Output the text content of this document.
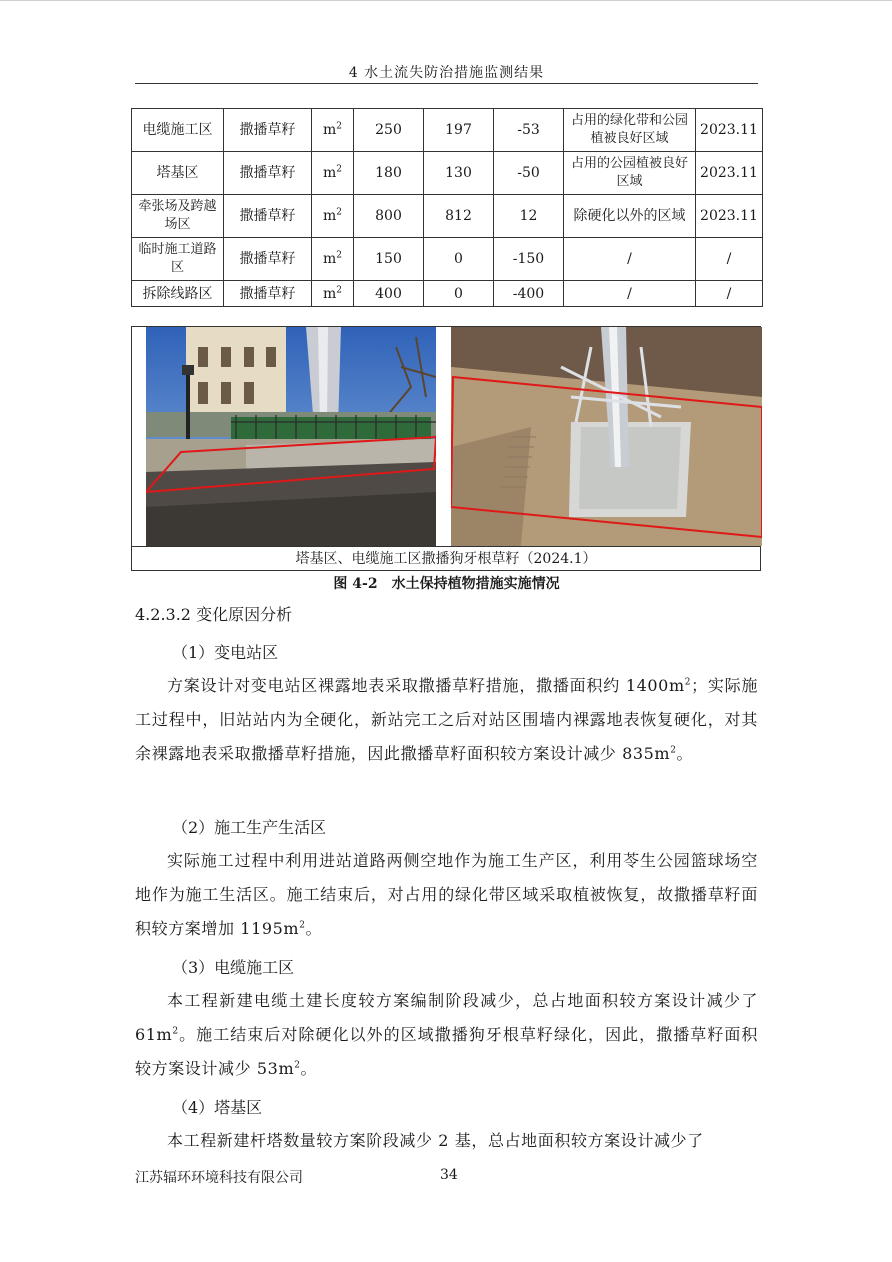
4 水土流失防治措施监测结果
电缆施工区	撒播草籽	$m^2$	250	197	-53	占用的绿化带和公园植被良好区域	2023.11
塔基区	撒播草籽	$m^2$	180	130	-50	占用的公园植被良好区域	2023.11
牵张场及跨越场区	撒播草籽	$m^2$	800	812	12	除硬化以外的区域	2023.11
临时施工道路区	撒播草籽	$m^2$	150	0	-150	/	/
拆除线路区	撒播草籽	$m^2$	400	0	-400	/	/
塔基区、电缆施工区撒播狗牙根草籽（2024.1）
图 4-2　水土保持植物措施实施情况
4.2.3.2 变化原因分析
（1）变电站区
方案设计对变电站区裸露地表采取撒播草籽措施，撒播面积约 $1400m^2$；实际施工过程中，旧站站内为全硬化，新站完工之后对站区围墙内裸露地表恢复硬化，对其余裸露地表采取撒播草籽措施，因此撒播草籽面积较方案设计减少 $835m^2$。
（2）施工生产生活区
实际施工过程中利用进站道路两侧空地作为施工生产区，利用苓生公园篮球场空地作为施工生活区。施工结束后，对占用的绿化带区域采取植被恢复，故撒播草籽面积较方案增加 $1195m^2$。
（3）电缆施工区
本工程新建电缆土建长度较方案编制阶段减少，总占地面积较方案设计减少了 $61m^2$。施工结束后对除硬化以外的区域撒播狗牙根草籽绿化，因此，撒播草籽面积较方案设计减少 $53m^2$。
（4）塔基区
本工程新建杆塔数量较方案阶段减少 2 基，总占地面积较方案设计减少了
江苏辐环环境科技有限公司	34
